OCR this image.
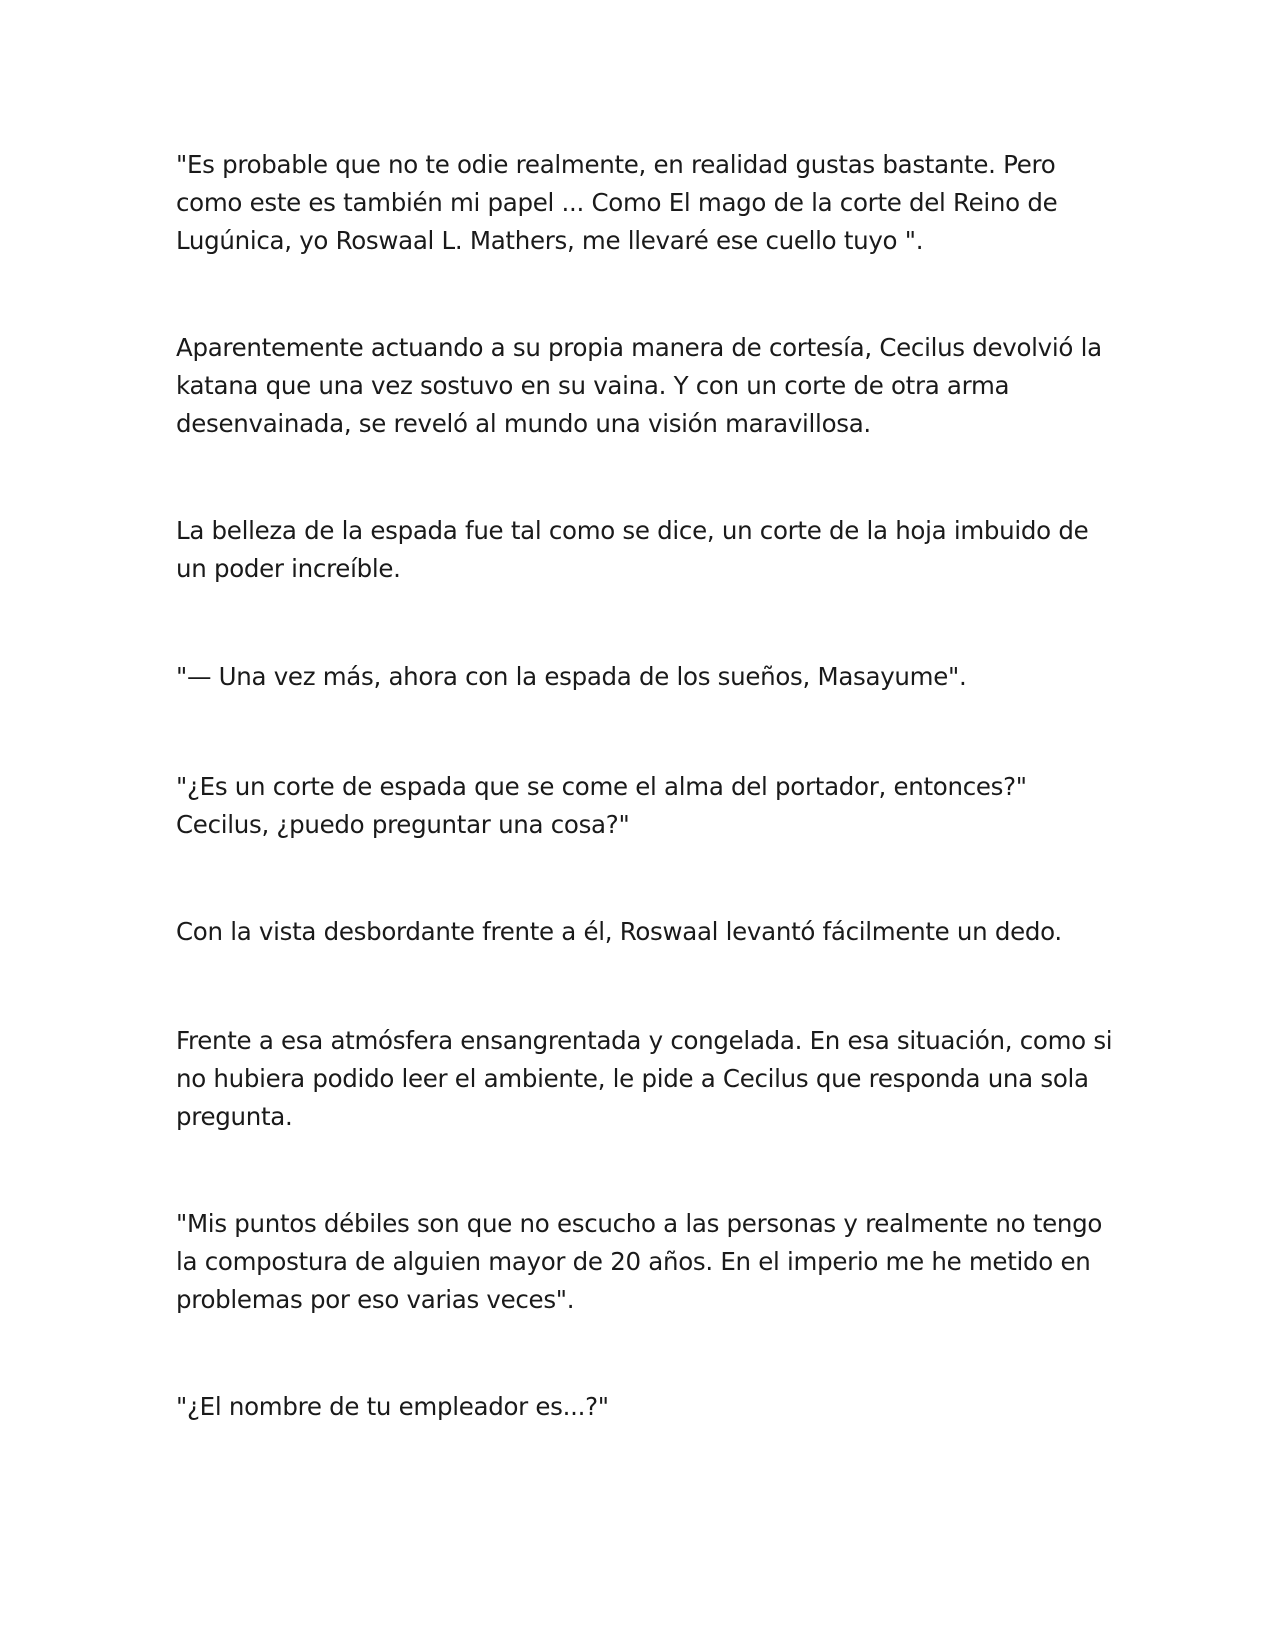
"Es probable que no te odie realmente, en realidad gustas bastante. Pero
como este es también mi papel ... Como El mago de la corte del Reino de
Lugúnica, yo Roswaal L. Mathers, me llevaré ese cuello tuyo ".

Aparentemente actuando a su propia manera de cortesía, Cecilus devolvió la
katana que una vez sostuvo en su vaina. Y con un corte de otra arma
desenvainada, se reveló al mundo una visión maravillosa.

La belleza de la espada fue tal como se dice, un corte de la hoja imbuido de
un poder increíble.

"— Una vez más, ahora con la espada de los sueños, Masayume".

"¿Es un corte de espada que se come el alma del portador, entonces?"
Cecilus, ¿puedo preguntar una cosa?"

Con la vista desbordante frente a él, Roswaal levantó fácilmente un dedo.

Frente a esa atmósfera ensangrentada y congelada. En esa situación, como si
no hubiera podido leer el ambiente, le pide a Cecilus que responda una sola
pregunta.

"Mis puntos débiles son que no escucho a las personas y realmente no tengo
la compostura de alguien mayor de 20 años. En el imperio me he metido en
problemas por eso varias veces".

"¿El nombre de tu empleador es...?"
